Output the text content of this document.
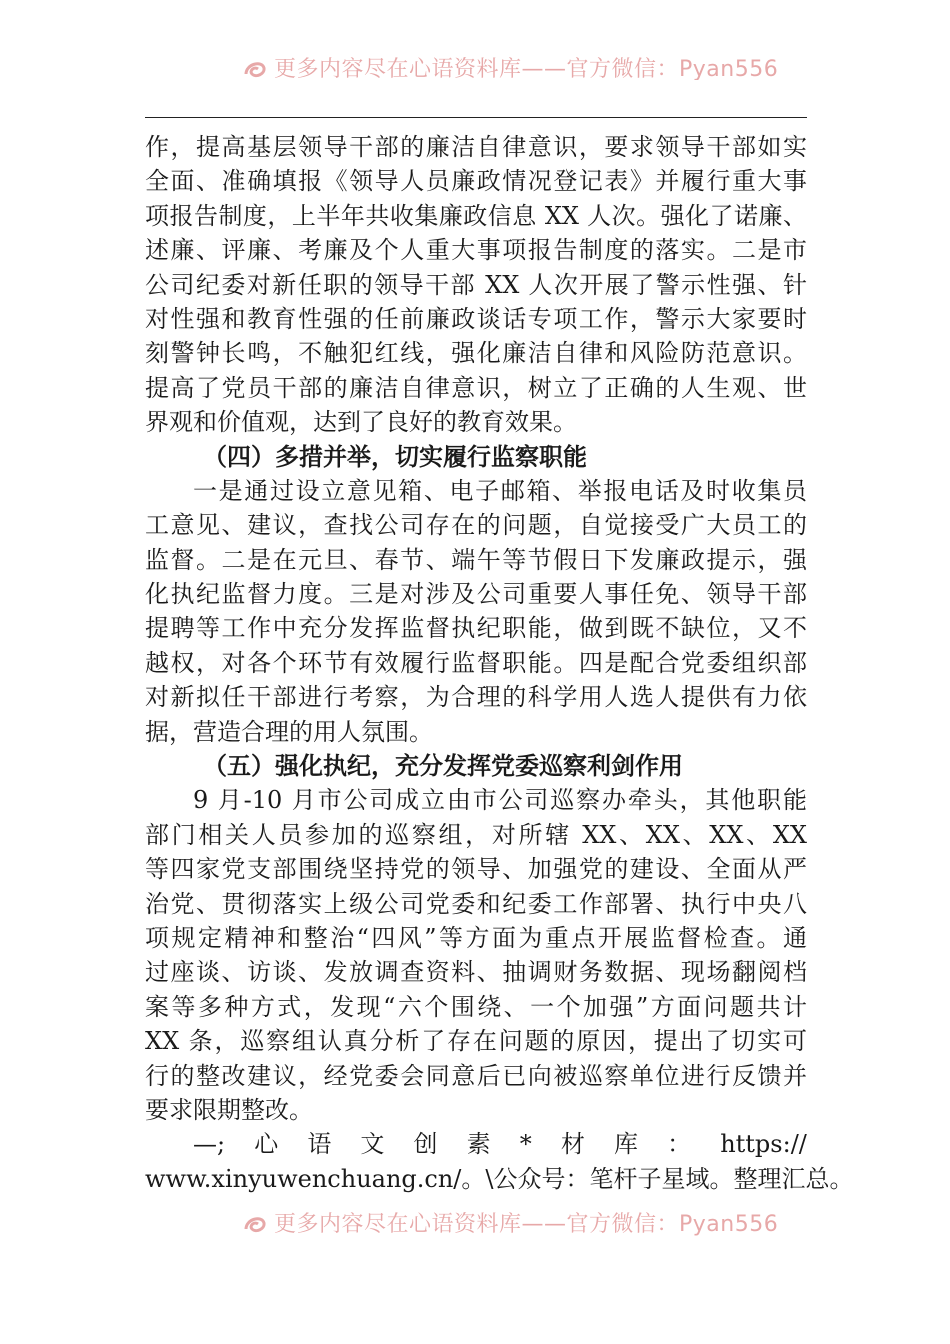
更多内容尽在心语资料库——官方微信：Pyan556
作，提高基层领导干部的廉洁自律意识，要求领导干部如实
全面、准确填报《领导人员廉政情况登记表》并履行重大事
项报告制度，上半年共收集廉政信息 XX 人次。强化了诺廉、
述廉、评廉、考廉及个人重大事项报告制度的落实。二是市
公司纪委对新任职的领导干部 XX 人次开展了警示性强、针
对性强和教育性强的任前廉政谈话专项工作，警示大家要时
刻警钟长鸣，不触犯红线，强化廉洁自律和风险防范意识。
提高了党员干部的廉洁自律意识，树立了正确的人生观、世
界观和价值观，达到了良好的教育效果。
（四）多措并举，切实履行监察职能
一是通过设立意见箱、电子邮箱、举报电话及时收集员
工意见、建议，查找公司存在的问题，自觉接受广大员工的
监督。二是在元旦、春节、端午等节假日下发廉政提示，强
化执纪监督力度。三是对涉及公司重要人事任免、领导干部
提聘等工作中充分发挥监督执纪职能，做到既不缺位，又不
越权，对各个环节有效履行监督职能。四是配合党委组织部
对新拟任干部进行考察，为合理的科学用人选人提供有力依
据，营造合理的用人氛围。
（五）强化执纪，充分发挥党委巡察利剑作用
9 月-10 月市公司成立由市公司巡察办牵头，其他职能
部门相关人员参加的巡察组，对所辖 XX、XX、XX、XX
等四家党支部围绕坚持党的领导、加强党的建设、全面从严
治党、贯彻落实上级公司党委和纪委工作部署、执行中央八
项规定精神和整治“四风”等方面为重点开展监督检查。通
过座谈、访谈、发放调查资料、抽调财务数据、现场翻阅档
案等多种方式，发现“六个围绕、一个加强”方面问题共计
XX 条，巡察组认真分析了存在问题的原因，提出了切实可
行的整改建议，经党委会同意后已向被巡察单位进行反馈并
要求限期整改。
—; 心 语 文 创 素 * 材 库 ： https://
www.xinyuwenchuang.cn/。\公众号：笔杆子星域。整理汇总。
更多内容尽在心语资料库——官方微信：Pyan556
